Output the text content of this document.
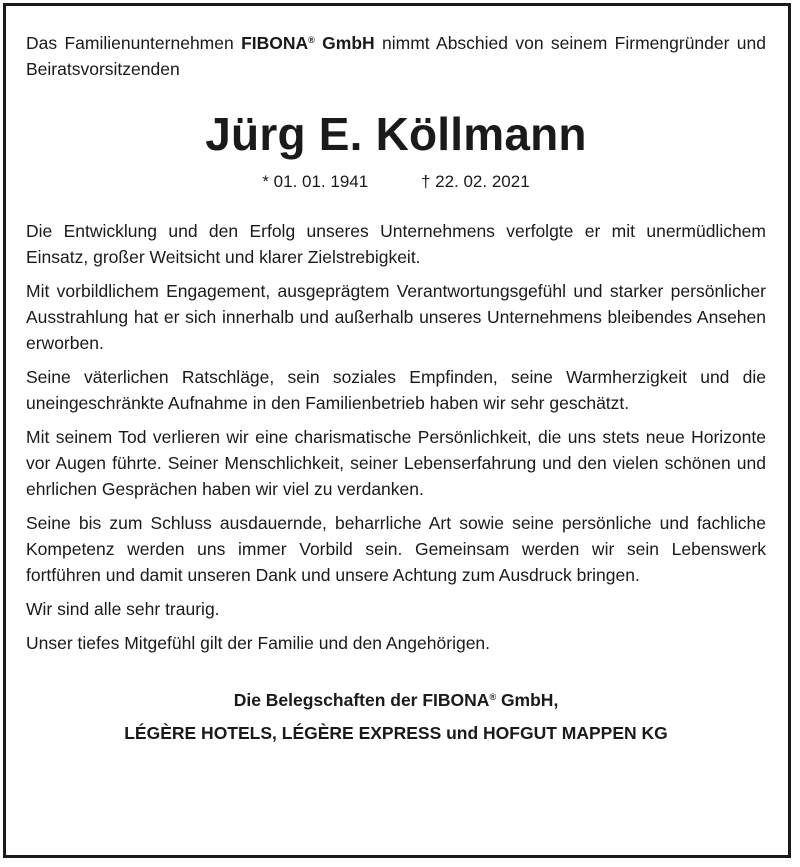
Das Familienunternehmen FIBONA® GmbH nimmt Abschied von seinem Firmengründer und Beiratsvorsitzenden

Jürg E. Köllmann
* 01. 01. 1941	† 22. 02. 2021

Die Entwicklung und den Erfolg unseres Unternehmens verfolgte er mit unermüdlichem Einsatz, großer Weitsicht und klarer Zielstrebigkeit.

Mit vorbildlichem Engagement, ausgeprägtem Verantwortungsgefühl und starker persönlicher Ausstrahlung hat er sich innerhalb und außerhalb unseres Unternehmens bleibendes Ansehen erworben.

Seine väterlichen Ratschläge, sein soziales Empfinden, seine Warmherzigkeit und die uneingeschränkte Aufnahme in den Familienbetrieb haben wir sehr geschätzt.

Mit seinem Tod verlieren wir eine charismatische Persönlichkeit, die uns stets neue Horizonte vor Augen führte. Seiner Menschlichkeit, seiner Lebenserfahrung und den vielen schönen und ehrlichen Gesprächen haben wir viel zu verdanken.

Seine bis zum Schluss ausdauernde, beharrliche Art sowie seine persönliche und fachliche Kompetenz werden uns immer Vorbild sein. Gemeinsam werden wir sein Lebenswerk fortführen und damit unseren Dank und unsere Achtung zum Ausdruck bringen.

Wir sind alle sehr traurig.

Unser tiefes Mitgefühl gilt der Familie und den Angehörigen.

Die Belegschaften der FIBONA® GmbH,
LÉGÈRE HOTELS, LÉGÈRE EXPRESS und HOFGUT MAPPEN KG
